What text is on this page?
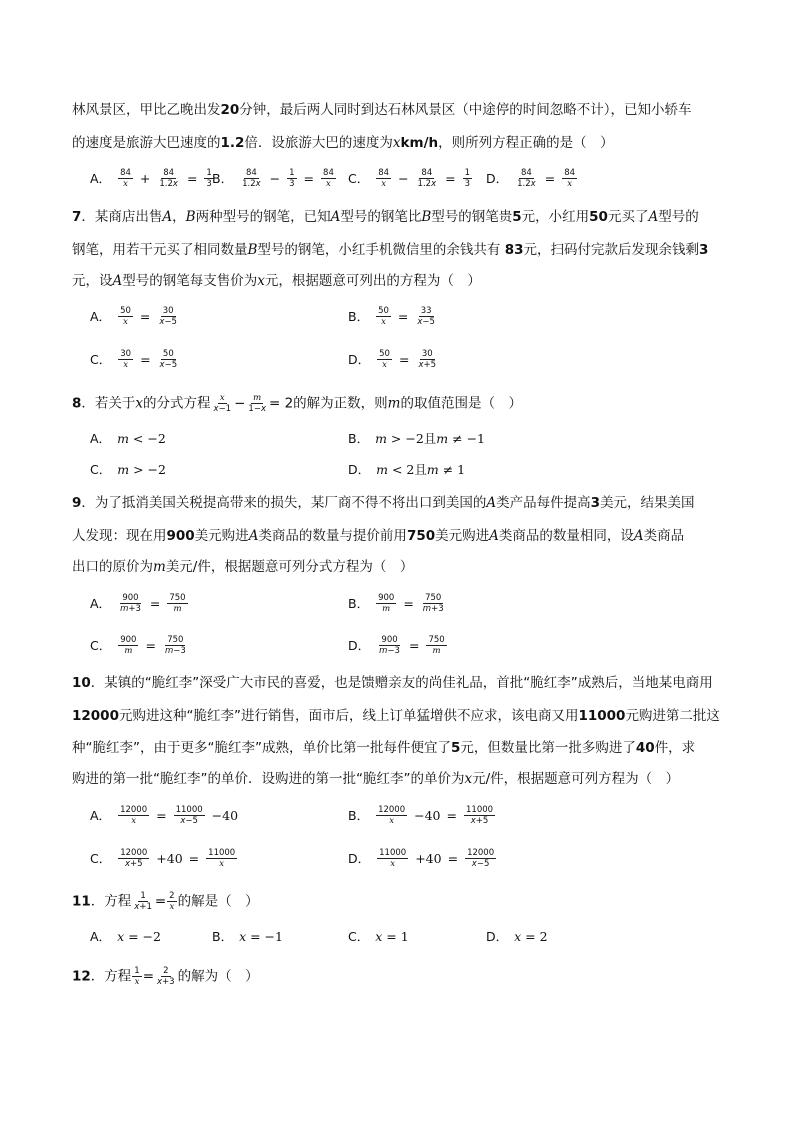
林风景区，甲比乙晚出发20分钟，最后两人同时到达石林风景区（中途停的时间忽略不计），已知小轿车
的速度是旅游大巴速度的1.2倍．设旅游大巴的速度为xkm/h，则所列方程正确的是（　）
A． $\frac{84}{x} + \frac{84}{1.2x} = \frac{1}{3}$
B． $\frac{84}{1.2x} - \frac{1}{3} = \frac{84}{x}$ C． $\frac{84}{x} - \frac{84}{1.2x} = \frac{1}{3}$ D． $\frac{84}{1.2x} = \frac{84}{x}$
7．某商店出售A，B两种型号的钢笔，已知A型号的钢笔比B型号的钢笔贵5元，小红用50元买了A型号的
钢笔，用若干元买了相同数量B型号的钢笔，小红手机微信里的余钱共有 83元，扫码付完款后发现余钱剩3
元，设A型号的钢笔每支售价为x元，根据题意可列出的方程为（　）
A． $\frac{50}{x} = \frac{30}{x-5}$	B． $\frac{50}{x} = \frac{33}{x-5}$
C． $\frac{30}{x} = \frac{50}{x-5}$	D． $\frac{50}{x} = \frac{30}{x+5}$
8．若关于x的分式方程 $\frac{x}{x-1} - \frac{m}{1-x} = 2$的解为正数，则m的取值范围是（　）
A． m < −2	B． m > −2且m ≠ −1
C． m > −2	D． m < 2且m ≠ 1
9．为了抵消美国关税提高带来的损失，某厂商不得不将出口到美国的A类产品每件提高3美元，结果美国
人发现：现在用900美元购进A类商品的数量与提价前用750美元购进A类商品的数量相同，设A类商品
出口的原价为m美元/件，根据题意可列分式方程为（　）
A． $\frac{900}{m+3} = \frac{750}{m}$	B． $\frac{900}{m} = \frac{750}{m+3}$
C． $\frac{900}{m} = \frac{750}{m-3}$	D． $\frac{900}{m-3} = \frac{750}{m}$
10．某镇的“脆红李”深受广大市民的喜爱，也是馈赠亲友的尚佳礼品，首批“脆红李”成熟后，当地某电商用
12000元购进这种“脆红李”进行销售，面市后，线上订单猛增供不应求，该电商又用11000元购进第二批这
种“脆红李”，由于更多“脆红李”成熟，单价比第一批每件便宜了5元，但数量比第一批多购进了40件，求
购进的第一批“脆红李”的单价．设购进的第一批“脆红李”的单价为x元/件，根据题意可列方程为（　）
A． $\frac{12000}{x} = \frac{11000}{x-5} -40$	B． $\frac{12000}{x} -40 = \frac{11000}{x+5}$
C． $\frac{12000}{x+5} +40 = \frac{11000}{x}$	D． $\frac{11000}{x} +40 = \frac{12000}{x-5}$
11．方程 $\frac{1}{x+1} = \frac{2}{x}$ 的解是（　）
A． x = −2	B． x = −1	C． x = 1	D． x = 2
12．方程 $\frac{1}{x} = \frac{2}{x+3}$ 的解为（　）
